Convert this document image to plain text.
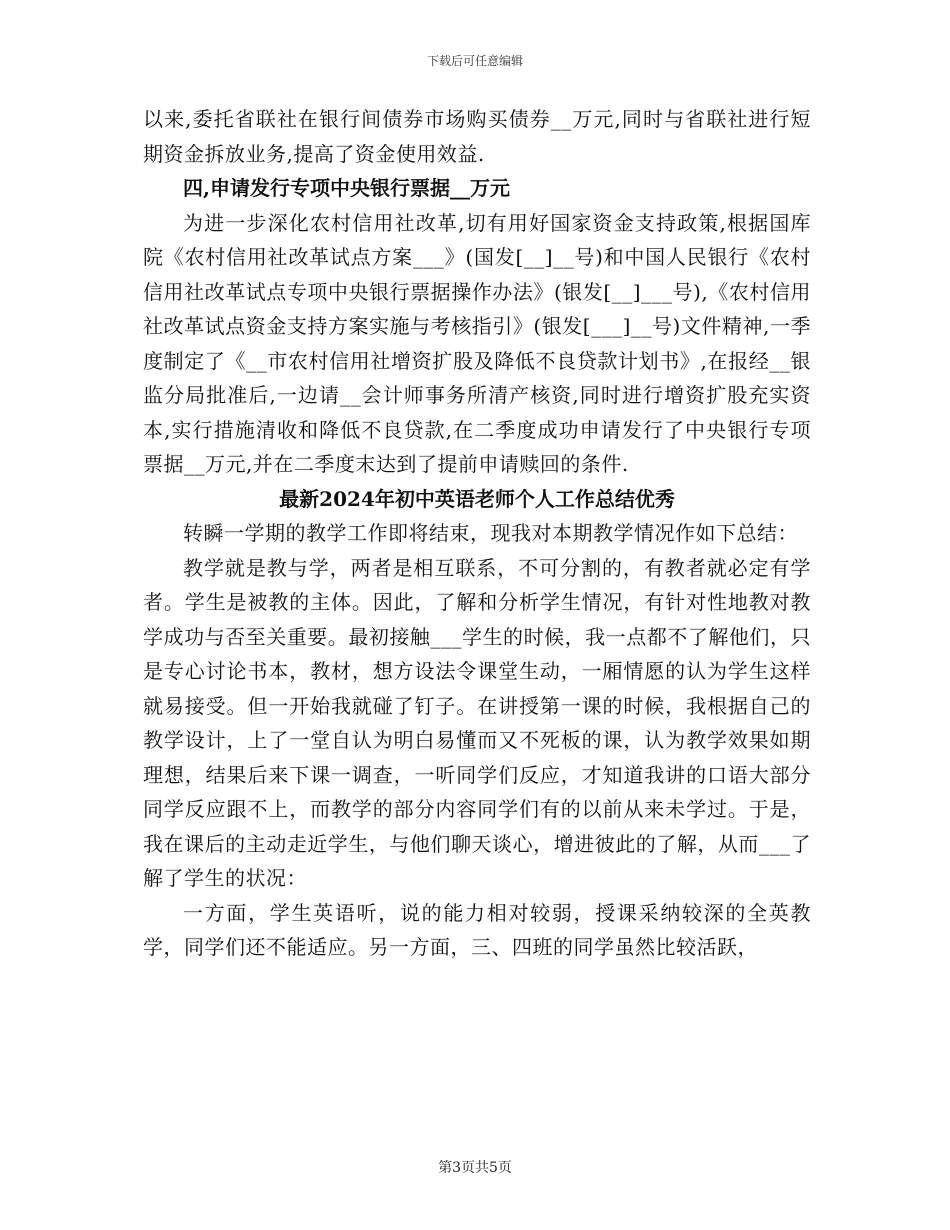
下载后可任意编辑

以来,委托省联社在银行间债券市场购买债券__万元,同时与省联社进行短期资金拆放业务,提高了资金使用效益.

四,申请发行专项中央银行票据__万元

为进一步深化农村信用社改革,切有用好国家资金支持政策,根据国库院《农村信用社改革试点方案___》(国发[__]__号)和中国人民银行《农村信用社改革试点专项中央银行票据操作办法》(银发[__]___号),《农村信用社改革试点资金支持方案实施与考核指引》(银发[___]__号)文件精神,一季度制定了《__市农村信用社增资扩股及降低不良贷款计划书》,在报经__银监分局批准后,一边请__会计师事务所清产核资,同时进行增资扩股充实资本,实行措施清收和降低不良贷款,在二季度成功申请发行了中央银行专项票据__万元,并在二季度末达到了提前申请赎回的条件.

最新2024年初中英语老师个人工作总结优秀

转瞬一学期的教学工作即将结束，现我对本期教学情况作如下总结：

教学就是教与学，两者是相互联系，不可分割的，有教者就必定有学者。学生是被教的主体。因此，了解和分析学生情况，有针对性地教对教学成功与否至关重要。最初接触___学生的时候，我一点都不了解他们，只是专心讨论书本，教材，想方设法令课堂生动，一厢情愿的认为学生这样就易接受。但一开始我就碰了钉子。在讲授第一课的时候，我根据自己的教学设计，上了一堂自认为明白易懂而又不死板的课，认为教学效果如期理想，结果后来下课一调查，一听同学们反应，才知道我讲的口语大部分同学反应跟不上，而教学的部分内容同学们有的以前从来未学过。于是，我在课后的主动走近学生，与他们聊天谈心，增进彼此的了解，从而___了解了学生的状况：

一方面，学生英语听，说的能力相对较弱，授课采纳较深的全英教学，同学们还不能适应。另一方面，三、四班的同学虽然比较活跃，

第3页共5页
